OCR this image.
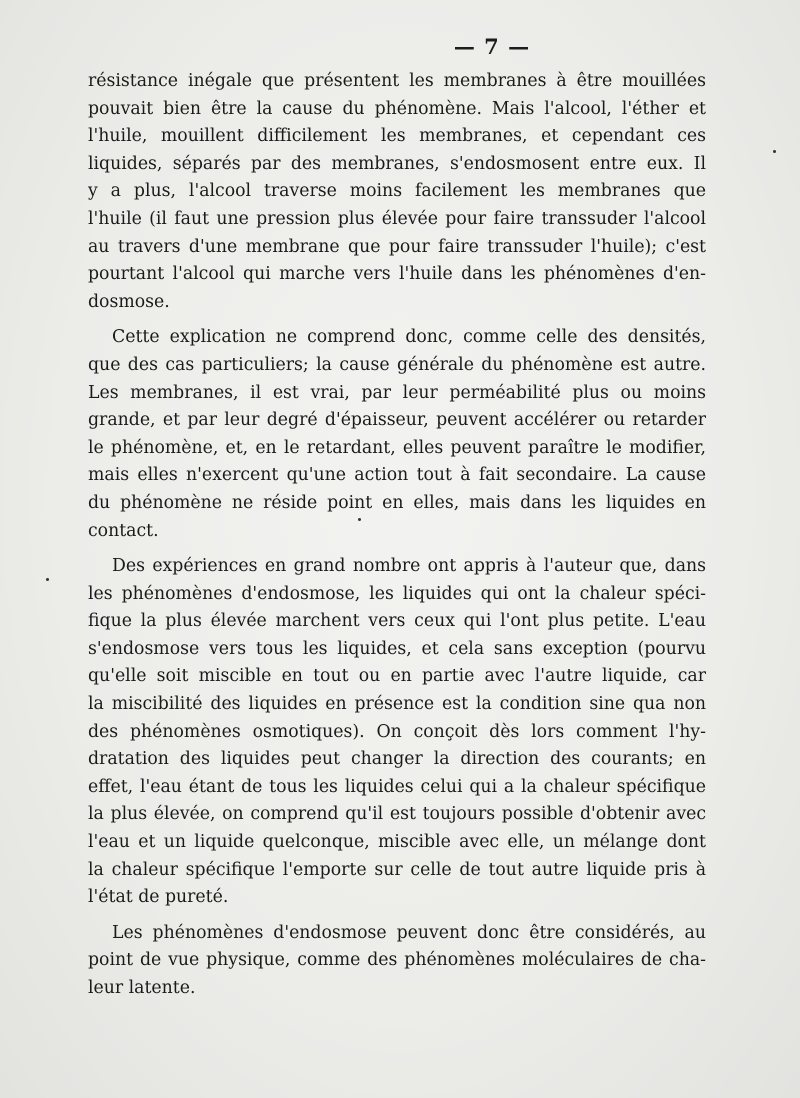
— 7 —
résistance inégale que présentent les membranes à être mouillées
pouvait bien être la cause du phénomène. Mais l'alcool, l'éther et
l'huile, mouillent difficilement les membranes, et cependant ces
liquides, séparés par des membranes, s'endosmosent entre eux. Il
y a plus, l'alcool traverse moins facilement les membranes que
l'huile (il faut une pression plus élevée pour faire transsuder l'alcool
au travers d'une membrane que pour faire transsuder l'huile); c'est
pourtant l'alcool qui marche vers l'huile dans les phénomènes d'en-
dosmose.
Cette explication ne comprend donc, comme celle des densités,
que des cas particuliers; la cause générale du phénomène est autre.
Les membranes, il est vrai, par leur perméabilité plus ou moins
grande, et par leur degré d'épaisseur, peuvent accélérer ou retarder
le phénomène, et, en le retardant, elles peuvent paraître le modifier,
mais elles n'exercent qu'une action tout à fait secondaire. La cause
du phénomène ne réside point en elles, mais dans les liquides en
contact.
Des expériences en grand nombre ont appris à l'auteur que, dans
les phénomènes d'endosmose, les liquides qui ont la chaleur spéci-
fique la plus élevée marchent vers ceux qui l'ont plus petite. L'eau
s'endosmose vers tous les liquides, et cela sans exception (pourvu
qu'elle soit miscible en tout ou en partie avec l'autre liquide, car
la miscibilité des liquides en présence est la condition sine qua non
des phénomènes osmotiques). On conçoit dès lors comment l'hy-
dratation des liquides peut changer la direction des courants; en
effet, l'eau étant de tous les liquides celui qui a la chaleur spécifique
la plus élevée, on comprend qu'il est toujours possible d'obtenir avec
l'eau et un liquide quelconque, miscible avec elle, un mélange dont
la chaleur spécifique l'emporte sur celle de tout autre liquide pris à
l'état de pureté.
Les phénomènes d'endosmose peuvent donc être considérés, au
point de vue physique, comme des phénomènes moléculaires de cha-
leur latente.
